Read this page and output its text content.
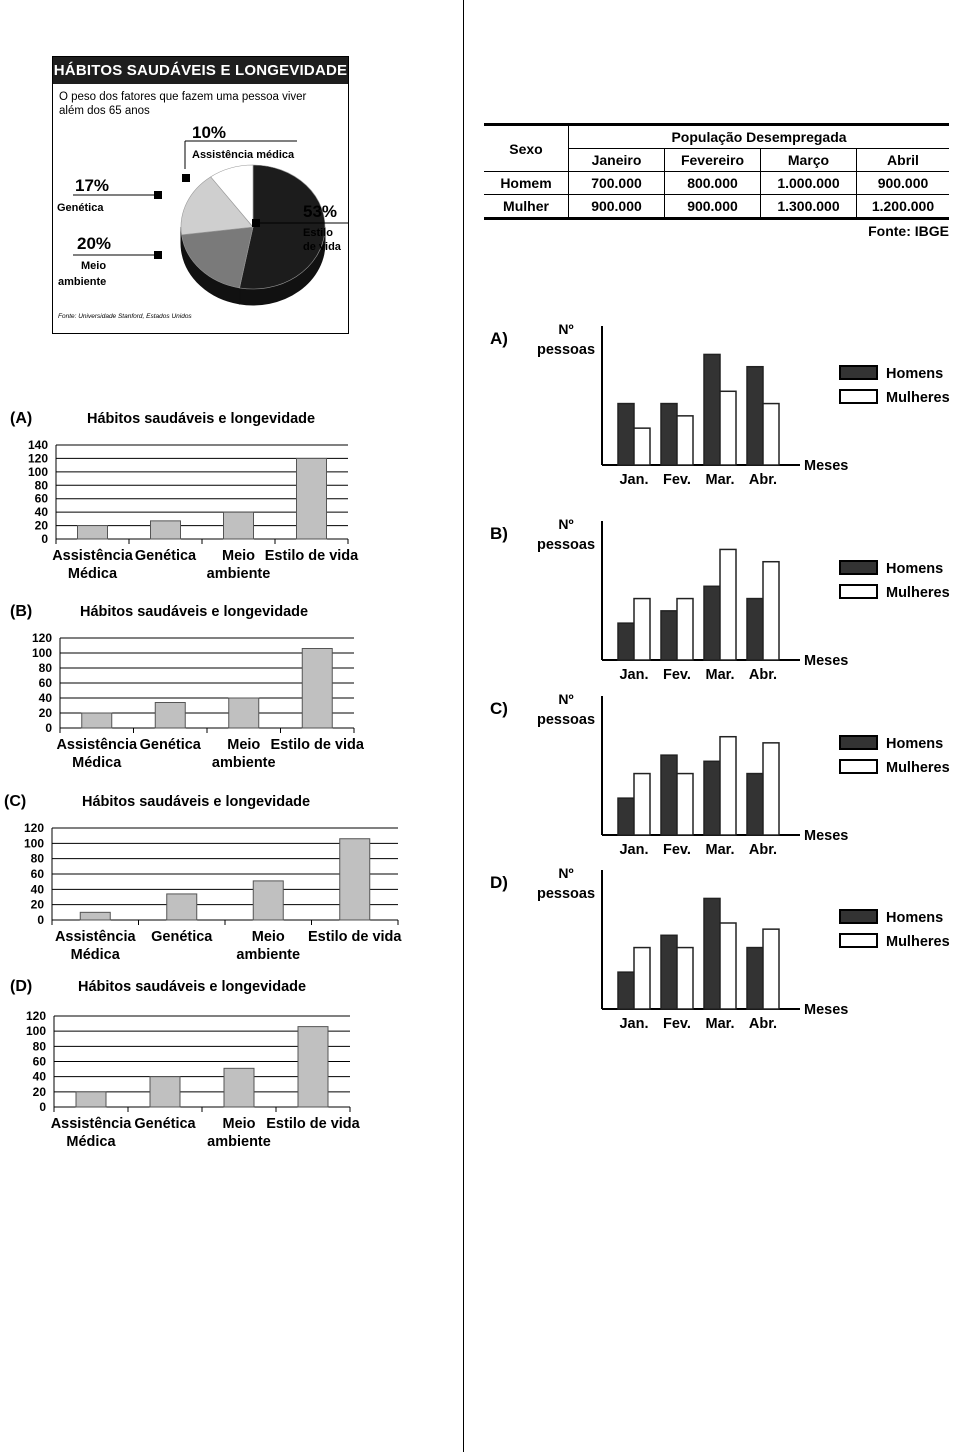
HÁBITOS SAUDÁVEIS E LONGEVIDADE
O peso dos fatores que fazem uma pessoa viver
além dos 65 anos
10%
Assistência médica
17%
Genética
20%
Meio
ambiente
53%
Estilo
de vida
Fonte: Universidade Stanford, Estados Unidos
(A)	Hábitos saudáveis e longevidade
0
20
40
60
80
100
120
140
Assistência
Médica
Genética Meio
ambiente
Estilo de vida
(B)	Hábitos saudáveis e longevidade
0
20
40
60
80
100
120
Assistência
Médica
Genética Meio
ambiente
Estilo de vida
(C)	Hábitos saudáveis e longevidade
0
20
40
60
80
100
120
Assistência
Médica
Genética	Meio
ambiente
Estilo de vida
(D)	Hábitos saudáveis e longevidade
0
20
40
60
80
100
120
Assistência
Médica
Genética Meio
ambiente
Estilo de vida
Sexo	População Desempregada			
	Janeiro	Fevereiro	Março	Abril
Homem	700.000	800.000	1.000.000	900.000
Mulher	900.000	900.000	1.300.000	1.200.000
Fonte: IBGE
A)	Nº
pessoas
Meses
Jan. Fev. Mar. Abr.
Homens
Mulheres
B)	Nº
pessoas
Meses
Jan. Fev. Mar. Abr.
Homens
Mulheres
C)	Nº
pessoas
Meses
Jan. Fev. Mar. Abr.
Homens
Mulheres
D)	Nº
pessoas
Meses
Jan. Fev. Mar. Abr.
Homens
Mulheres
